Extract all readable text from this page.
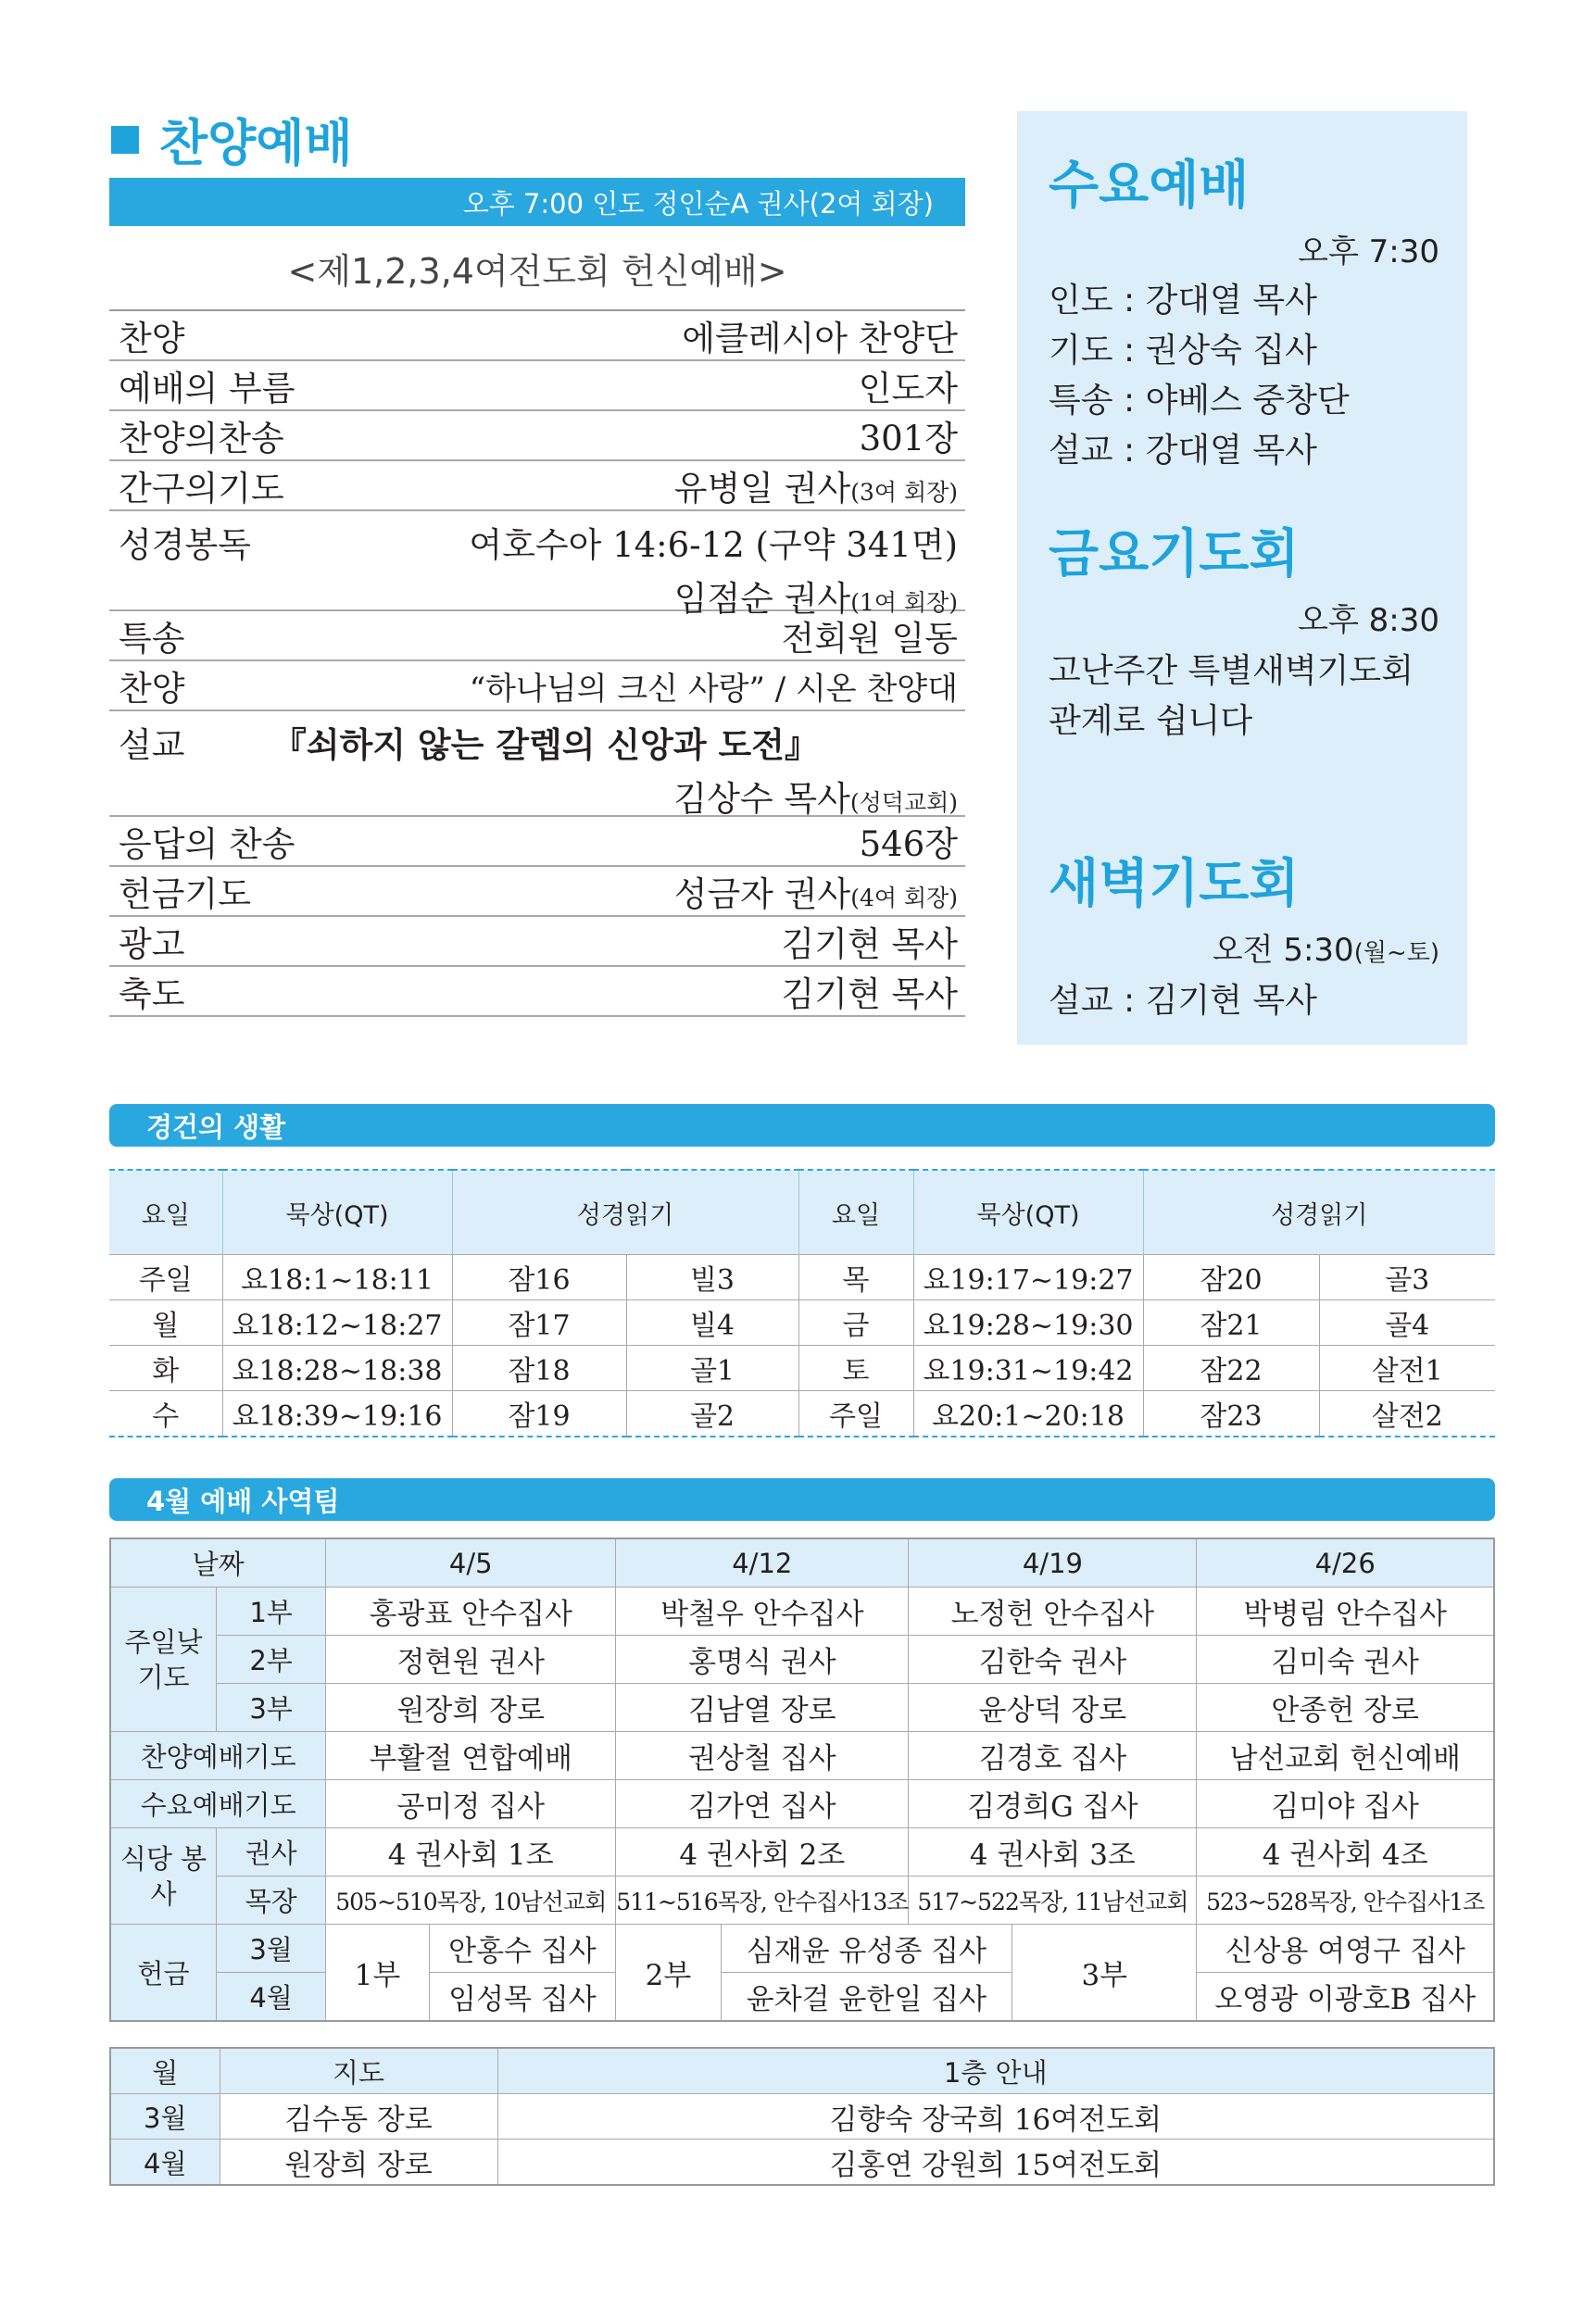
찬양예배
오후 7:00 인도 정인순A 권사(2여 회장)
<제1,2,3,4여전도회 헌신예배>
찬양	에클레시아 찬양단
예배의 부름	인도자
찬양의찬송	301장
간구의기도	유병일 권사(3여 회장)
성경봉독	여호수아 14:6-12 (구약 341면)
임점순 권사(1여 회장)
특송	전회원 일동
찬양	“하나님의 크신 사랑” / 시온 찬양대
설교	『쇠하지 않는 갈렙의 신앙과 도전』
김상수 목사(성덕교회)
응답의 찬송	546장
헌금기도	성금자 권사(4여 회장)
광고	김기현 목사
축도	김기현 목사
수요예배
오후 7:30
인도 : 강대열 목사
기도 : 권상숙 집사
특송 : 야베스 중창단
설교 : 강대열 목사
금요기도회
오후 8:30
고난주간 특별새벽기도회
관계로 쉽니다
새벽기도회
오전 5:30(월~토)
설교 : 김기현 목사
경건의 생활
요일	묵상(QT)	성경읽기		요일	묵상(QT)	성경읽기	
주일	요18:1~18:11	잠16	빌3	목	요19:17~19:27	잠20	골3
월	요18:12~18:27	잠17	빌4	금	요19:28~19:30	잠21	골4
화	요18:28~18:38	잠18	골1	토	요19:31~19:42	잠22	살전1
수	요18:39~19:16	잠19	골2	주일	요20:1~20:18	잠23	살전2
4월 예배 사역팀
날짜		4/5		4/12		4/19		4/26
주일낮 기도	1부	홍광표 안수집사		박철우 안수집사		노정헌 안수집사		박병림 안수집사
	2부	정현원 권사		홍명식 권사		김한숙 권사		김미숙 권사
	3부	원장희 장로		김남열 장로		윤상덕 장로		안종헌 장로
찬양예배기도		부활절 연합예배		권상철 집사		김경호 집사		남선교회 헌신예배
수요예배기도		공미정 집사		김가연 집사		김경희G 집사		김미야 집사
식당 봉사	권사	4 권사회 1조		4 권사회 2조		4 권사회 3조		4 권사회 4조
	목장	505~510목장, 10남선교회		511~516목장, 안수집사13조		517~522목장, 11남선교회		523~528목장, 안수집사1조
헌금	3월	1부	안홍수 집사	2부	심재윤 유성종 집사		3부	신상용 여영구 집사
	4월		임성목 집사		윤차걸 윤한일 집사			오영광 이광호B 집사
월	지도	1층 안내
3월	김수동 장로	김향숙 장국희 16여전도회
4월	원장희 장로	김홍연 강원희 15여전도회
